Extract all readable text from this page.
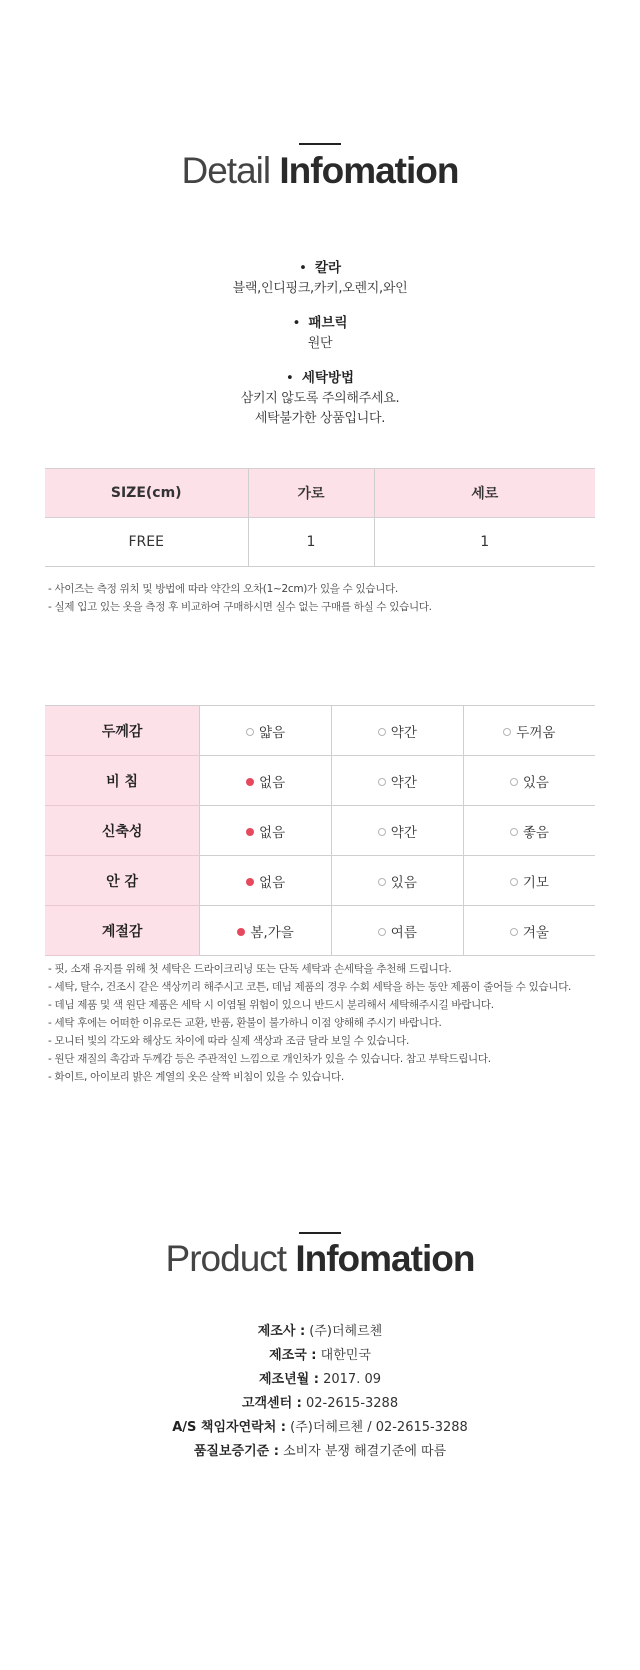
Detail Infomation
• 칼라
블랙,인디핑크,카키,오렌지,와인
• 패브릭
원단
• 세탁방법
삼키지 않도록 주의해주세요.
세탁불가한 상품입니다.
SIZE(cm)	가로	세로
FREE	1	1
- 사이즈는 측정 위치 및 방법에 따라 약간의 오차(1~2cm)가 있을 수 있습니다.
- 실제 입고 있는 옷을 측정 후 비교하여 구매하시면 실수 없는 구매를 하실 수 있습니다.
두께감	얇음	약간	두꺼움
비 침	없음	약간	있음
신축성	없음	약간	좋음
안 감	없음	있음	기모
계절감	봄,가을	여름	겨울
- 핏, 소재 유지를 위해 첫 세탁은 드라이크리닝 또는 단독 세탁과 손세탁을 추천해 드립니다.
- 세탁, 탈수, 건조시 같은 색상끼리 해주시고 코튼, 데님 제품의 경우 수회 세탁을 하는 동안 제품이 줄어들 수 있습니다.
- 데님 제품 및 색 원단 제품은 세탁 시 이염될 위험이 있으니 반드시 분리해서 세탁해주시길 바랍니다.
- 세탁 후에는 어떠한 이유로든 교환, 반품, 환불이 불가하니 이점 양해해 주시기 바랍니다.
- 모니터 빛의 각도와 해상도 차이에 따라 실제 색상과 조금 달라 보일 수 있습니다.
- 원단 재질의 촉감과 두께감 등은 주관적인 느낌으로 개인차가 있을 수 있습니다. 참고 부탁드립니다.
- 화이트, 아이보리 밝은 계열의 옷은 살짝 비침이 있을 수 있습니다.
Product Infomation
제조사 : (주)더헤르첸
제조국 : 대한민국
제조년월 : 2017. 09
고객센터 : 02-2615-3288
A/S 책임자연락처 : (주)더헤르첸 / 02-2615-3288
품질보증기준 : 소비자 분쟁 해결기준에 따름
